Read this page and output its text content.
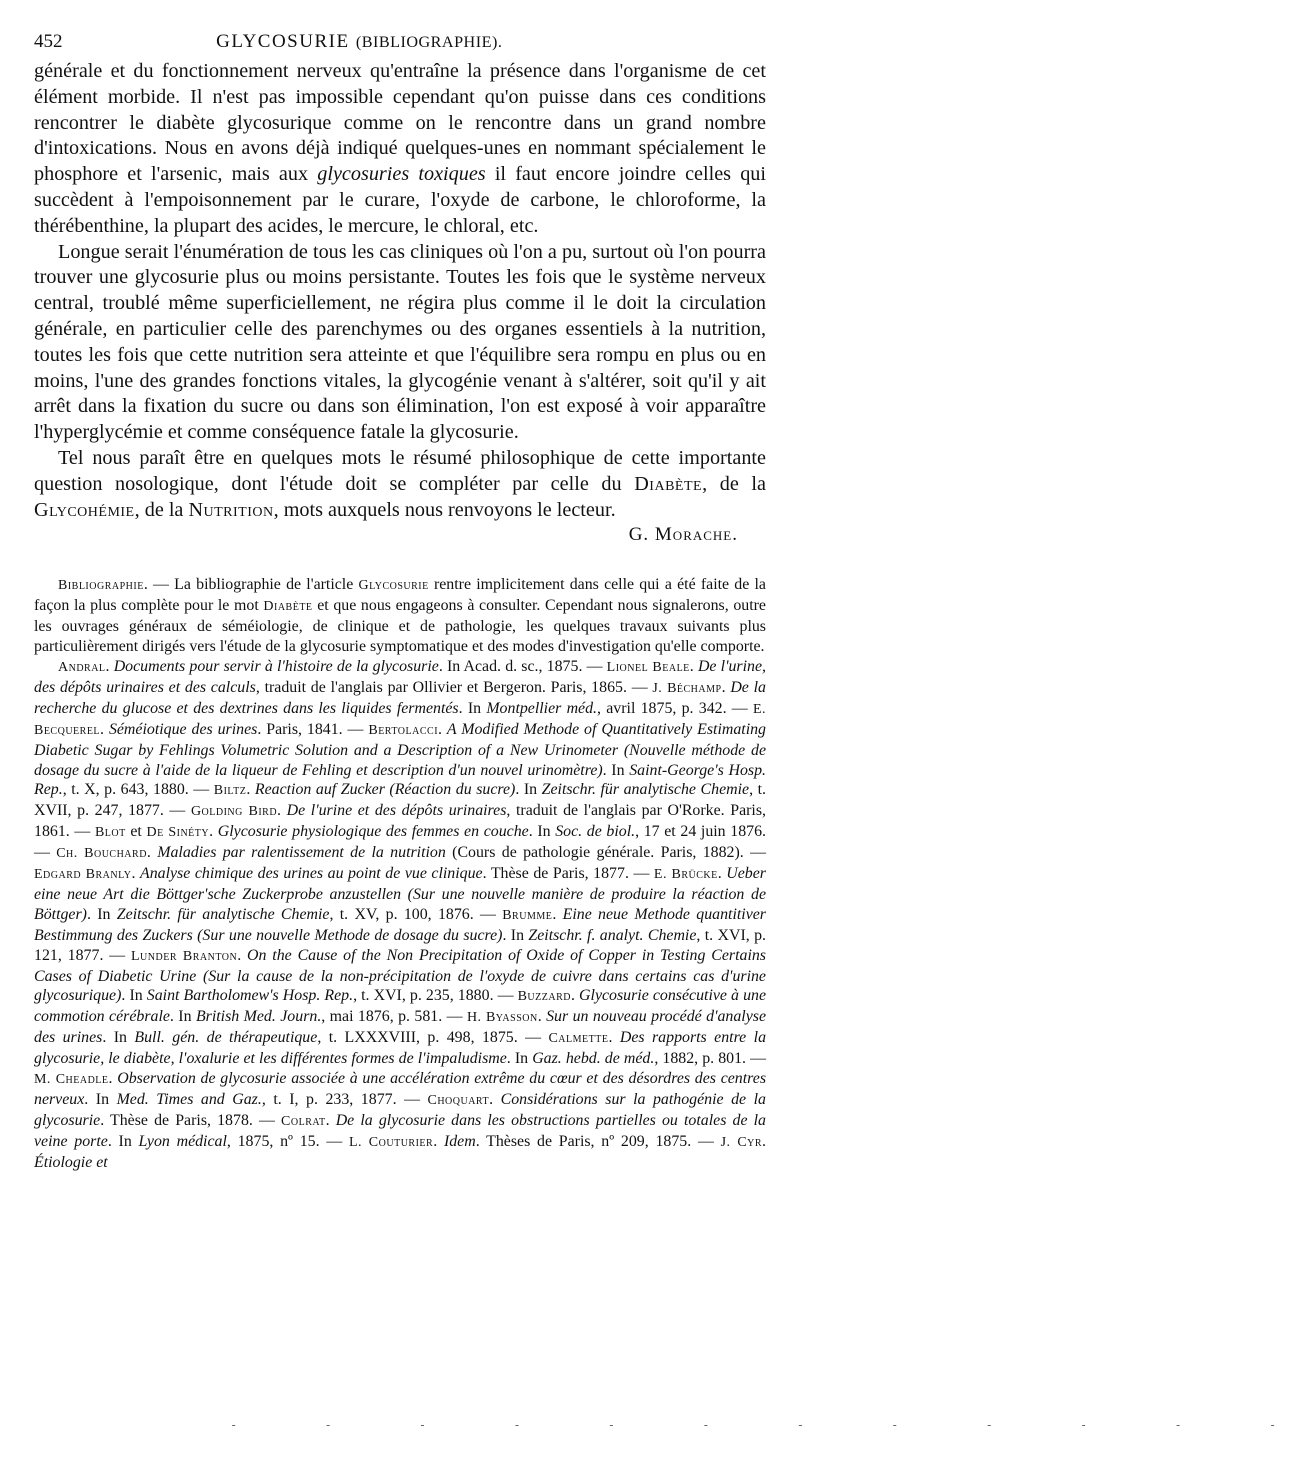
452	GLYCOSURIE (BIBLIOGRAPHIE).

générale et du fonctionnement nerveux qu'entraîne la présence dans l'organisme de cet élément morbide. Il n'est pas impossible cependant qu'on puisse dans ces conditions rencontrer le diabète glycosurique comme on le rencontre dans un grand nombre d'intoxications. Nous en avons déjà indiqué quelques-unes en nommant spécialement le phosphore et l'arsenic, mais aux glycosuries toxiques il faut encore joindre celles qui succèdent à l'empoisonnement par le curare, l'oxyde de carbone, le chloroforme, la thérébenthine, la plupart des acides, le mercure, le chloral, etc.

Longue serait l'énumération de tous les cas cliniques où l'on a pu, surtout où l'on pourra trouver une glycosurie plus ou moins persistante. Toutes les fois que le système nerveux central, troublé même superficiellement, ne régira plus comme il le doit la circulation générale, en particulier celle des parenchymes ou des organes essentiels à la nutrition, toutes les fois que cette nutrition sera atteinte et que l'équilibre sera rompu en plus ou en moins, l'une des grandes fonctions vitales, la glycogénie venant à s'altérer, soit qu'il y ait arrêt dans la fixation du sucre ou dans son élimination, l'on est exposé à voir apparaître l'hyperglycémie et comme conséquence fatale la glycosurie.

Tel nous paraît être en quelques mots le résumé philosophique de cette importante question nosologique, dont l'étude doit se compléter par celle du Diabète, de la Glycohémie, de la Nutrition, mots auxquels nous renvoyons le lecteur.

G. Morache.

Bibliographie. — La bibliographie de l'article Glycosurie rentre implicitement dans celle qui a été faite de la façon la plus complète pour le mot Diabète et que nous engageons à consulter. Cependant nous signalerons, outre les ouvrages généraux de séméiologie, de clinique et de pathologie, les quelques travaux suivants plus particulièrement dirigés vers l'étude de la glycosurie symptomatique et des modes d'investigation qu'elle comporte.

Andral. Documents pour servir à l'histoire de la glycosurie. In Acad. d. sc., 1875. — Lionel Beale. De l'urine, des dépôts urinaires et des calculs, traduit de l'anglais par Ollivier et Bergeron. Paris, 1865. — J. Béchamp. De la recherche du glucose et des dextrines dans les liquides fermentés. In Montpellier méd., avril 1875, p. 342. — E. Becquerel. Séméiotique des urines. Paris, 1841. — Bertolacci. A Modified Methode of Quantitatively Estimating Diabetic Sugar by Fehlings Volumetric Solution and a Description of a New Urinometer (Nouvelle méthode de dosage du sucre à l'aide de la liqueur de Fehling et description d'un nouvel urinomètre). In Saint-George's Hosp. Rep., t. X, p. 643, 1880. — Biltz. Reaction auf Zucker (Réaction du sucre). In Zeitschr. für analytische Chemie, t. XVII, p. 247, 1877. — Golding Bird. De l'urine et des dépôts urinaires, traduit de l'anglais par O'Rorke. Paris, 1861. — Blot et De Sinéty. Glycosurie physiologique des femmes en couche. In Soc. de biol., 17 et 24 juin 1876. — Ch. Bouchard. Maladies par ralentissement de la nutrition (Cours de pathologie générale. Paris, 1882). — Edgard Branly. Analyse chimique des urines au point de vue clinique. Thèse de Paris, 1877. — E. Brücke. Ueber eine neue Art die Böttger'sche Zuckerprobe anzustellen (Sur une nouvelle manière de produire la réaction de Böttger). In Zeitschr. für analytische Chemie, t. XV, p. 100, 1876. — Brumme. Eine neue Methode quantitiver Bestimmung des Zuckers (Sur une nouvelle Methode de dosage du sucre). In Zeitschr. f. analyt. Chemie, t. XVI, p. 121, 1877. — Lunder Branton. On the Cause of the Non Precipitation of Oxide of Copper in Testing Certains Cases of Diabetic Urine (Sur la cause de la non-précipitation de l'oxyde de cuivre dans certains cas d'urine glycosurique). In Saint Bartholomew's Hosp. Rep., t. XVI, p. 235, 1880. — Buzzard. Glycosurie consécutive à une commotion cérébrale. In British Med. Journ., mai 1876, p. 581. — H. Byasson. Sur un nouveau procédé d'analyse des urines. In Bull. gén. de thérapeutique, t. LXXXVIII, p. 498, 1875. — Calmette. Des rapports entre la glycosurie, le diabète, l'oxalurie et les différentes formes de l'impaludisme. In Gaz. hebd. de méd., 1882, p. 801. — M. Cheadle. Observation de glycosurie associée à une accélération extrême du cœur et des désordres des centres nerveux. In Med. Times and Gaz., t. I, p. 233, 1877. — Choquart. Considérations sur la pathogénie de la glycosurie. Thèse de Paris, 1878. — Colrat. De la glycosurie dans les obstructions partielles ou totales de la veine porte. In Lyon médical, 1875, nº 15. — L. Couturier. Idem. Thèses de Paris, nº 209, 1875. — J. Cyr. Étiologie et

- - - - - - - - - - - -
